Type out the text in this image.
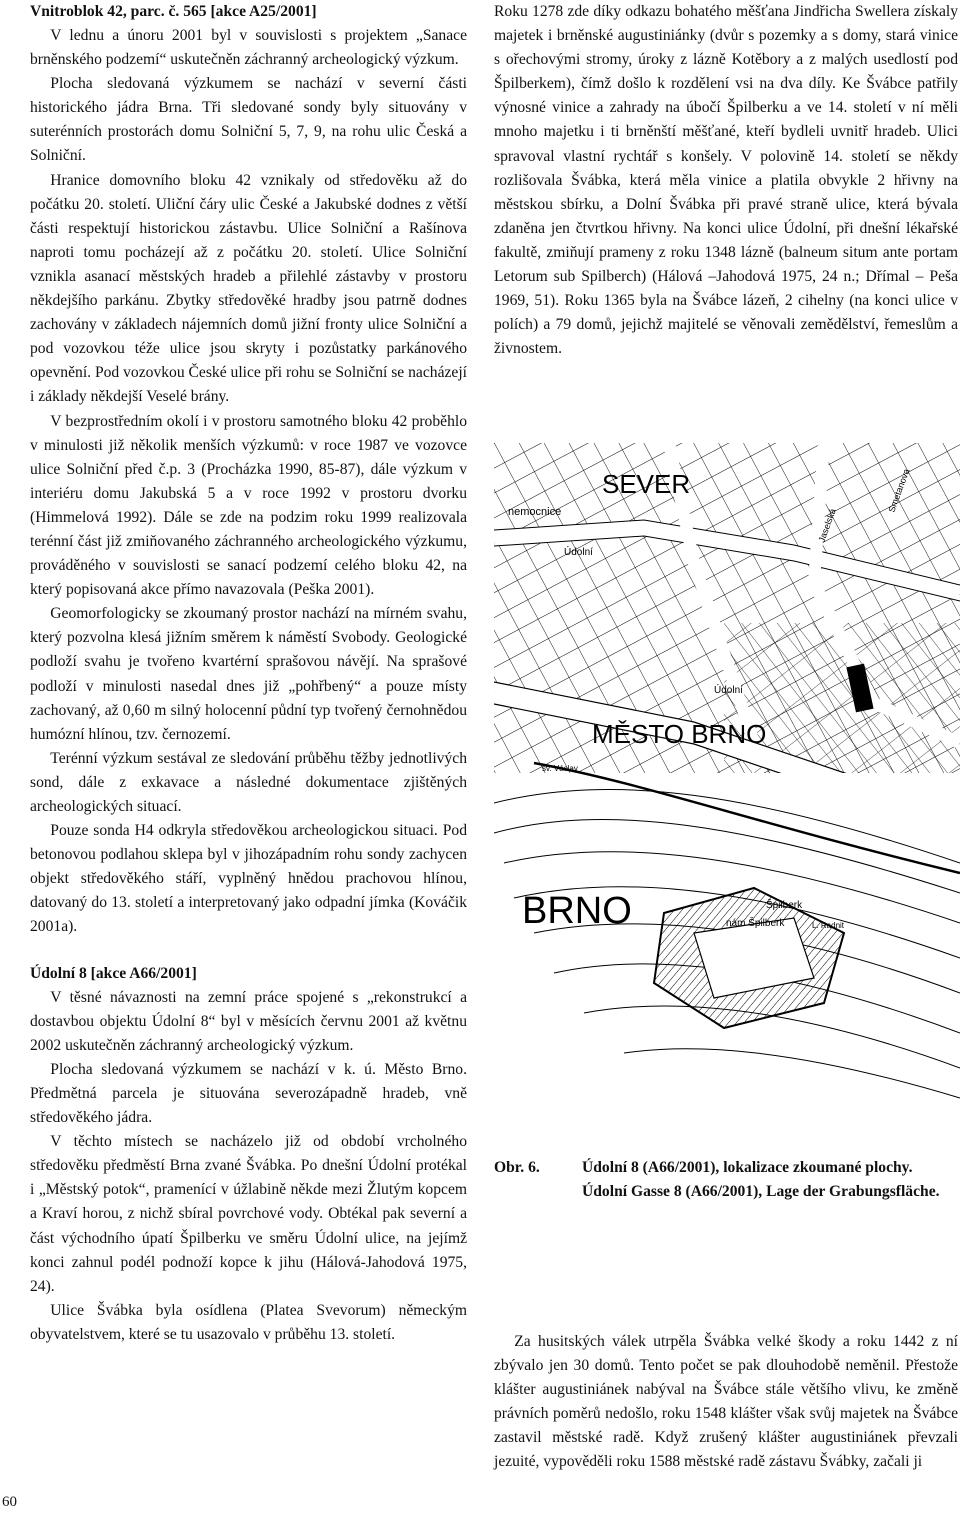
Vnitroblok 42, parc. č. 565 [akce A25/2001]

V lednu a únoru 2001 byl v souvislosti s projektem „Sanace brněnského podzemí“ uskutečněn záchranný archeologický výzkum.

Plocha sledovaná výzkumem se nachází v severní části historického jádra Brna. Tři sledované sondy byly situovány v suterénních prostorách domu Solniční 5, 7, 9, na rohu ulic Česká a Solniční.

Hranice domovního bloku 42 vznikaly od středověku až do počátku 20. století. Uliční čáry ulic České a Jakubské dodnes z větší části respektují historickou zástavbu. Ulice Solniční a Rašínova naproti tomu pocházejí až z počátku 20. století. Ulice Solniční vznikla asanací městských hradeb a přilehlé zástavby v prostoru někdejšího parkánu. Zbytky středověké hradby jsou patrně dodnes zachovány v základech nájemních domů jižní fronty ulice Solniční a pod vozovkou téže ulice jsou skryty i pozůstatky parkánového opevnění. Pod vozovkou České ulice při rohu se Solniční se nacházejí i základy někdejší Veselé brány.

V bezprostředním okolí i v prostoru samotného bloku 42 proběhlo v minulosti již několik menších výzkumů: v roce 1987 ve vozovce ulice Solniční před č.p. 3 (Procházka 1990, 85-87), dále výzkum v interiéru domu Jakubská 5 a v roce 1992 v prostoru dvorku (Himmelová 1992). Dále se zde na podzim roku 1999 realizovala terénní část již zmiňovaného záchranného archeologického výzkumu, prováděného v souvislosti se sanací podzemí celého bloku 42, na který popisovaná akce přímo navazovala (Peška 2001).

Geomorfologicky se zkoumaný prostor nachází na mírném svahu, který pozvolna klesá jižním směrem k náměstí Svobody. Geologické podloží svahu je tvořeno kvartérní sprašovou návějí. Na sprašové podloží v minulosti nasedal dnes již „pohřbený“ a pouze místy zachovaný, až 0,60 m silný holocenní půdní typ tvořený černohnědou humózní hlínou, tzv. černozemí.

Terénní výzkum sestával ze sledování průběhu těžby jednotlivých sond, dále z exkavace a následné dokumentace zjištěných archeologických situací.

Pouze sonda H4 odkryla středověkou archeologickou situaci. Pod betonovou podlahou sklepa byl v jihozápadním rohu sondy zachycen objekt středověkého stáří, vyplněný hnědou prachovou hlínou, datovaný do 13. století a interpretovaný jako odpadní jímka (Kováčik 2001a).

Údolní 8 [akce A66/2001]

V těsné návaznosti na zemní práce spojené s „rekonstrukcí a dostavbou objektu Údolní 8“ byl v měsících červnu 2001 až květnu 2002 uskutečněn záchranný archeologický výzkum.

Plocha sledovaná výzkumem se nachází v k. ú. Město Brno. Předmětná parcela je situována severozápadně hradeb, vně středověkého jádra.

V těchto místech se nacházelo již od období vrcholného středověku předměstí Brna zvané Švábka. Po dnešní Údolní protékal i „Městský potok“, pramenící v úžlabině někde mezi Žlutým kopcem a Kraví horou, z nichž sbíral povrchové vody. Obtékal pak severní a část východního úpatí Špilberku ve směru Údolní ulice, na jejímž konci zahnul podél podnoží kopce k jihu (Hálová-Jahodová 1975, 24).

Ulice Švábka byla osídlena (Platea Svevorum) německým obyvatelstvem, které se tu usazovalo v průběhu 13. století.

Roku 1278 zde díky odkazu bohatého měšťana Jindřicha Swellera získaly majetek i brněnské augustiniánky (dvůr s pozemky a s domy, stará vinice s ořechovými stromy, úroky z lázně Kotěbory a z malých usedlostí pod Špilberkem), čímž došlo k rozdělení vsi na dva díly. Ke Švábce patřily výnosné vinice a zahrady na úbočí Špilberku a ve 14. století v ní měli mnoho majetku i ti brněnští měšťané, kteří bydleli uvnitř hradeb. Ulici spravoval vlastní rychtář s konšely. V polovině 14. století se někdy rozlišovala Švábka, která měla vinice a platila obvykle 2 hřivny na městskou sbírku, a Dolní Švábka při pravé straně ulice, která bývala zdaněna jen čtvrtkou hřivny. Na konci ulice Údolní, při dnešní lékařské fakultě, zmiňují prameny z roku 1348 lázně (balneum situm ante portam Letorum sub Spilberch) (Hálová –Jahodová 1975, 24 n.; Dřímal – Peša 1969, 51). Roku 1365 byla na Švábce lázeň, 2 cihelny (na konci ulice v polích) a 79 domů, jejichž majitelé se věnovali zemědělství, řemeslům a živnostem.

SEVER
nemocnice
Údolní
Údolní
Jaselská
Smetanova
MĚSTO BRNO
sv. Václav
BRNO	Špilberk
nám Špilberk	L. Radnit
Obr. 6.	Údolní 8 (A66/2001), lokalizace zkoumané plochy.
Údolní Gasse 8 (A66/2001), Lage der Grabungsfläche.

Za husitských válek utrpěla Švábka velké škody a roku 1442 z ní zbývalo jen 30 domů. Tento počet se pak dlouhodobě neměnil. Přestože klášter augustiniánek nabýval na Švábce stále většího vlivu, ke změně právních poměrů nedošlo, roku 1548 klášter však svůj majetek na Švábce zastavil městské radě. Když zrušený klášter augustiniánek převzali jezuité, vypověděli roku 1588 městské radě zástavu Švábky, začali ji

60
